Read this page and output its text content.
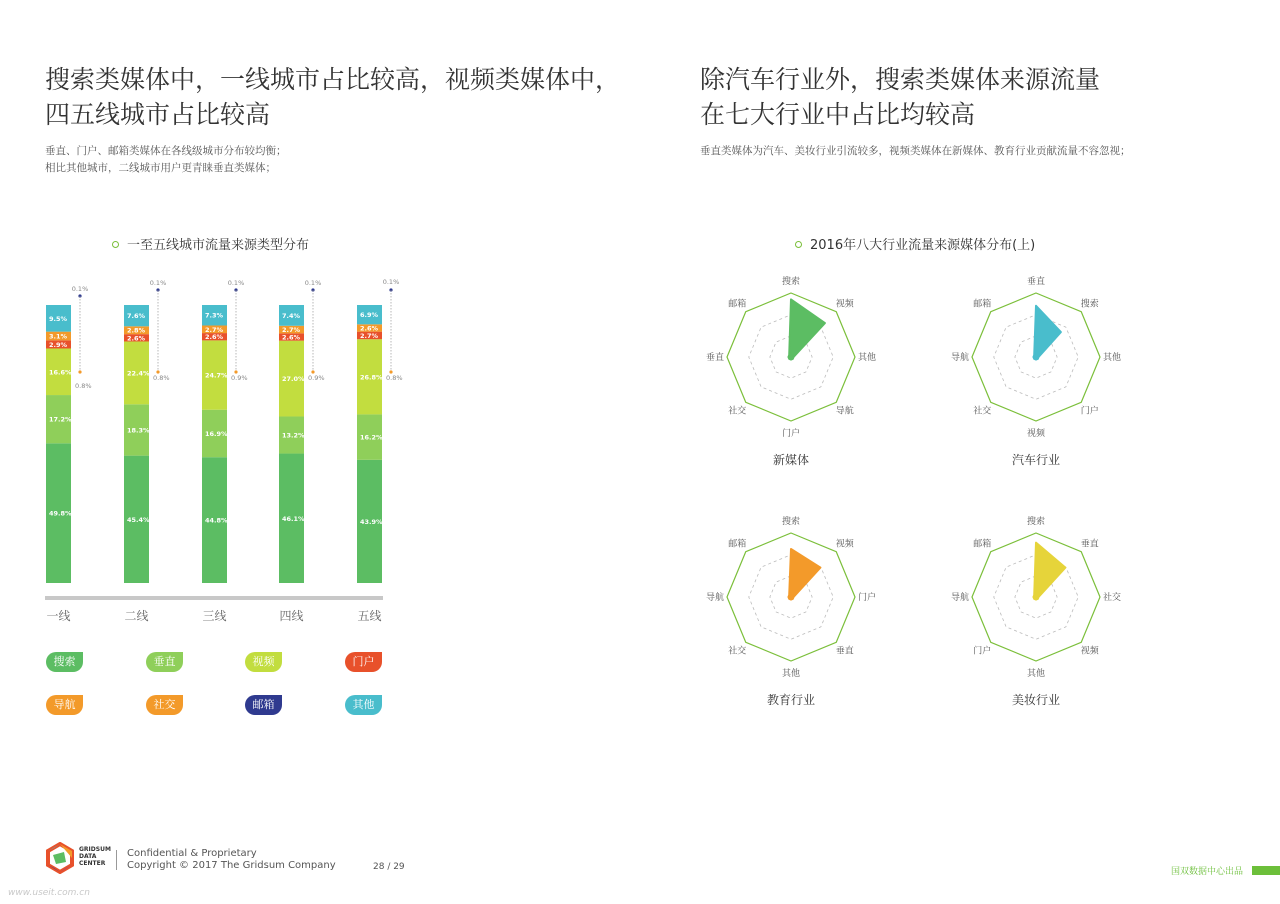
搜索类媒体中，一线城市占比较高，视频类媒体中，
四五线城市占比较高
垂直、门户、邮箱类媒体在各线级城市分布较均衡；
相比其他城市，二线城市用户更青睐垂直类媒体；
一至五线城市流量来源类型分布
除汽车行业外，搜索类媒体来源流量
在七大行业中占比均较高
垂直类媒体为汽车、美妆行业引流较多，视频类媒体在新媒体、教育行业贡献流量不容忽视；
2016年八大行业流量来源媒体分布(上)
49.8%
17.2%
16.6%
2.9%
3.1%
9.5%
一线
0.1%
0.8%
45.4%
18.3%
22.4%
2.6%
2.8%
7.6%
二线
0.1%
0.8%
44.8%
16.9%
24.7%
2.6%
2.7%
7.3%
三线
0.1%
0.9%
46.1%
13.2%
27.0%
2.6%
2.7%
7.4%
四线
0.1%
0.9%
43.9%
16.2%
26.8%
2.7%
2.6%
6.9%
五线
0.1%
0.8%
搜索
视频
其他
导航
门户
社交
垂直
邮箱
新媒体
垂直
搜索
其他
门户
视频
社交
导航
邮箱
汽车行业
搜索
视频
门户
垂直
其他
社交
导航
邮箱
教育行业
搜索
垂直
社交
视频
其他
门户
导航
邮箱
美妆行业
搜索	垂直	视频	门户
导航	社交	邮箱	其他
GRIDSUM
DATA
CENTER
Confidential & Proprietary
Copyright © 2017 The Gridsum Company	28 / 29
www.useit.com.cn
国双数据中心出品
